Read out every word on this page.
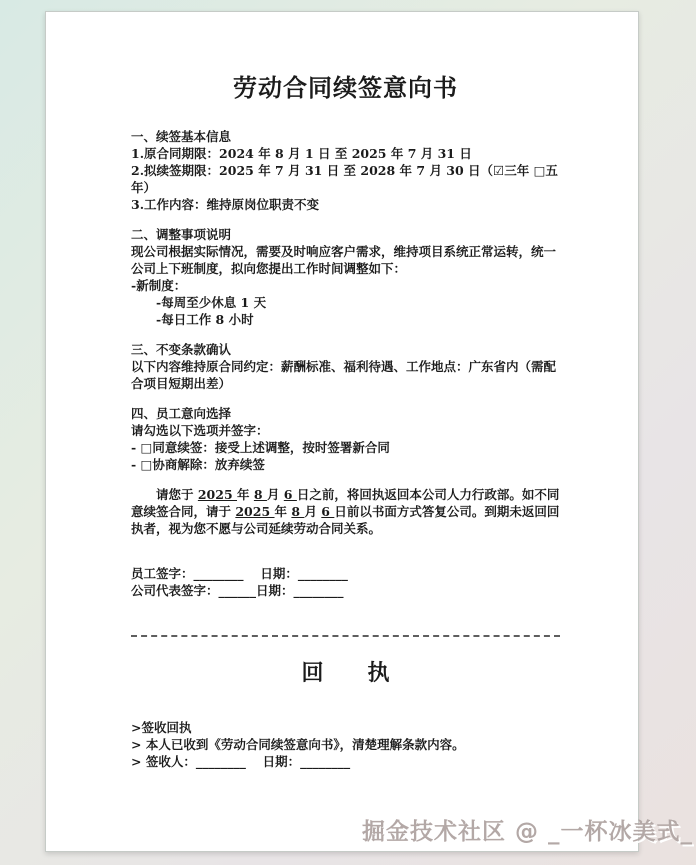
劳动合同续签意向书
一、续签基本信息
1.原合同期限：2024 年 8 月 1 日 至 2025 年 7 月 31 日
2.拟续签期限：2025 年 7 月 31 日 至 2028 年 7 月 30 日（☑三年 □五年）
3.工作内容：维持原岗位职责不变
二、调整事项说明
现公司根据实际情况，需要及时响应客户需求，维持项目系统正常运转，统一公司上下班制度，拟向您提出工作时间调整如下：
-新制度：
-每周至少休息 1 天
-每日工作 8 小时
三、不变条款确认
以下内容维持原合同约定：薪酬标准、福利待遇、工作地点：广东省内（需配合项目短期出差）
四、员工意向选择
请勾选以下选项并签字：
- □同意续签：接受上述调整，按时签署新合同
- □协商解除：放弃续签
请您于 2025 年 8 月 6 日之前，将回执返回本公司人力行政部。如不同意续签合同，请于 2025 年 8 月 6 日前以书面方式答复公司。到期未返回回执者，视为您不愿与公司延续劳动合同关系。
员工签字：________　 日期：________
公司代表签字：______日期：________
回　　执
>签收回执
> 本人已收到《劳动合同续签意向书》，清楚理解条款内容。
> 签收人：________　 日期：________
掘金技术社区 @ _一杯冰美式_
